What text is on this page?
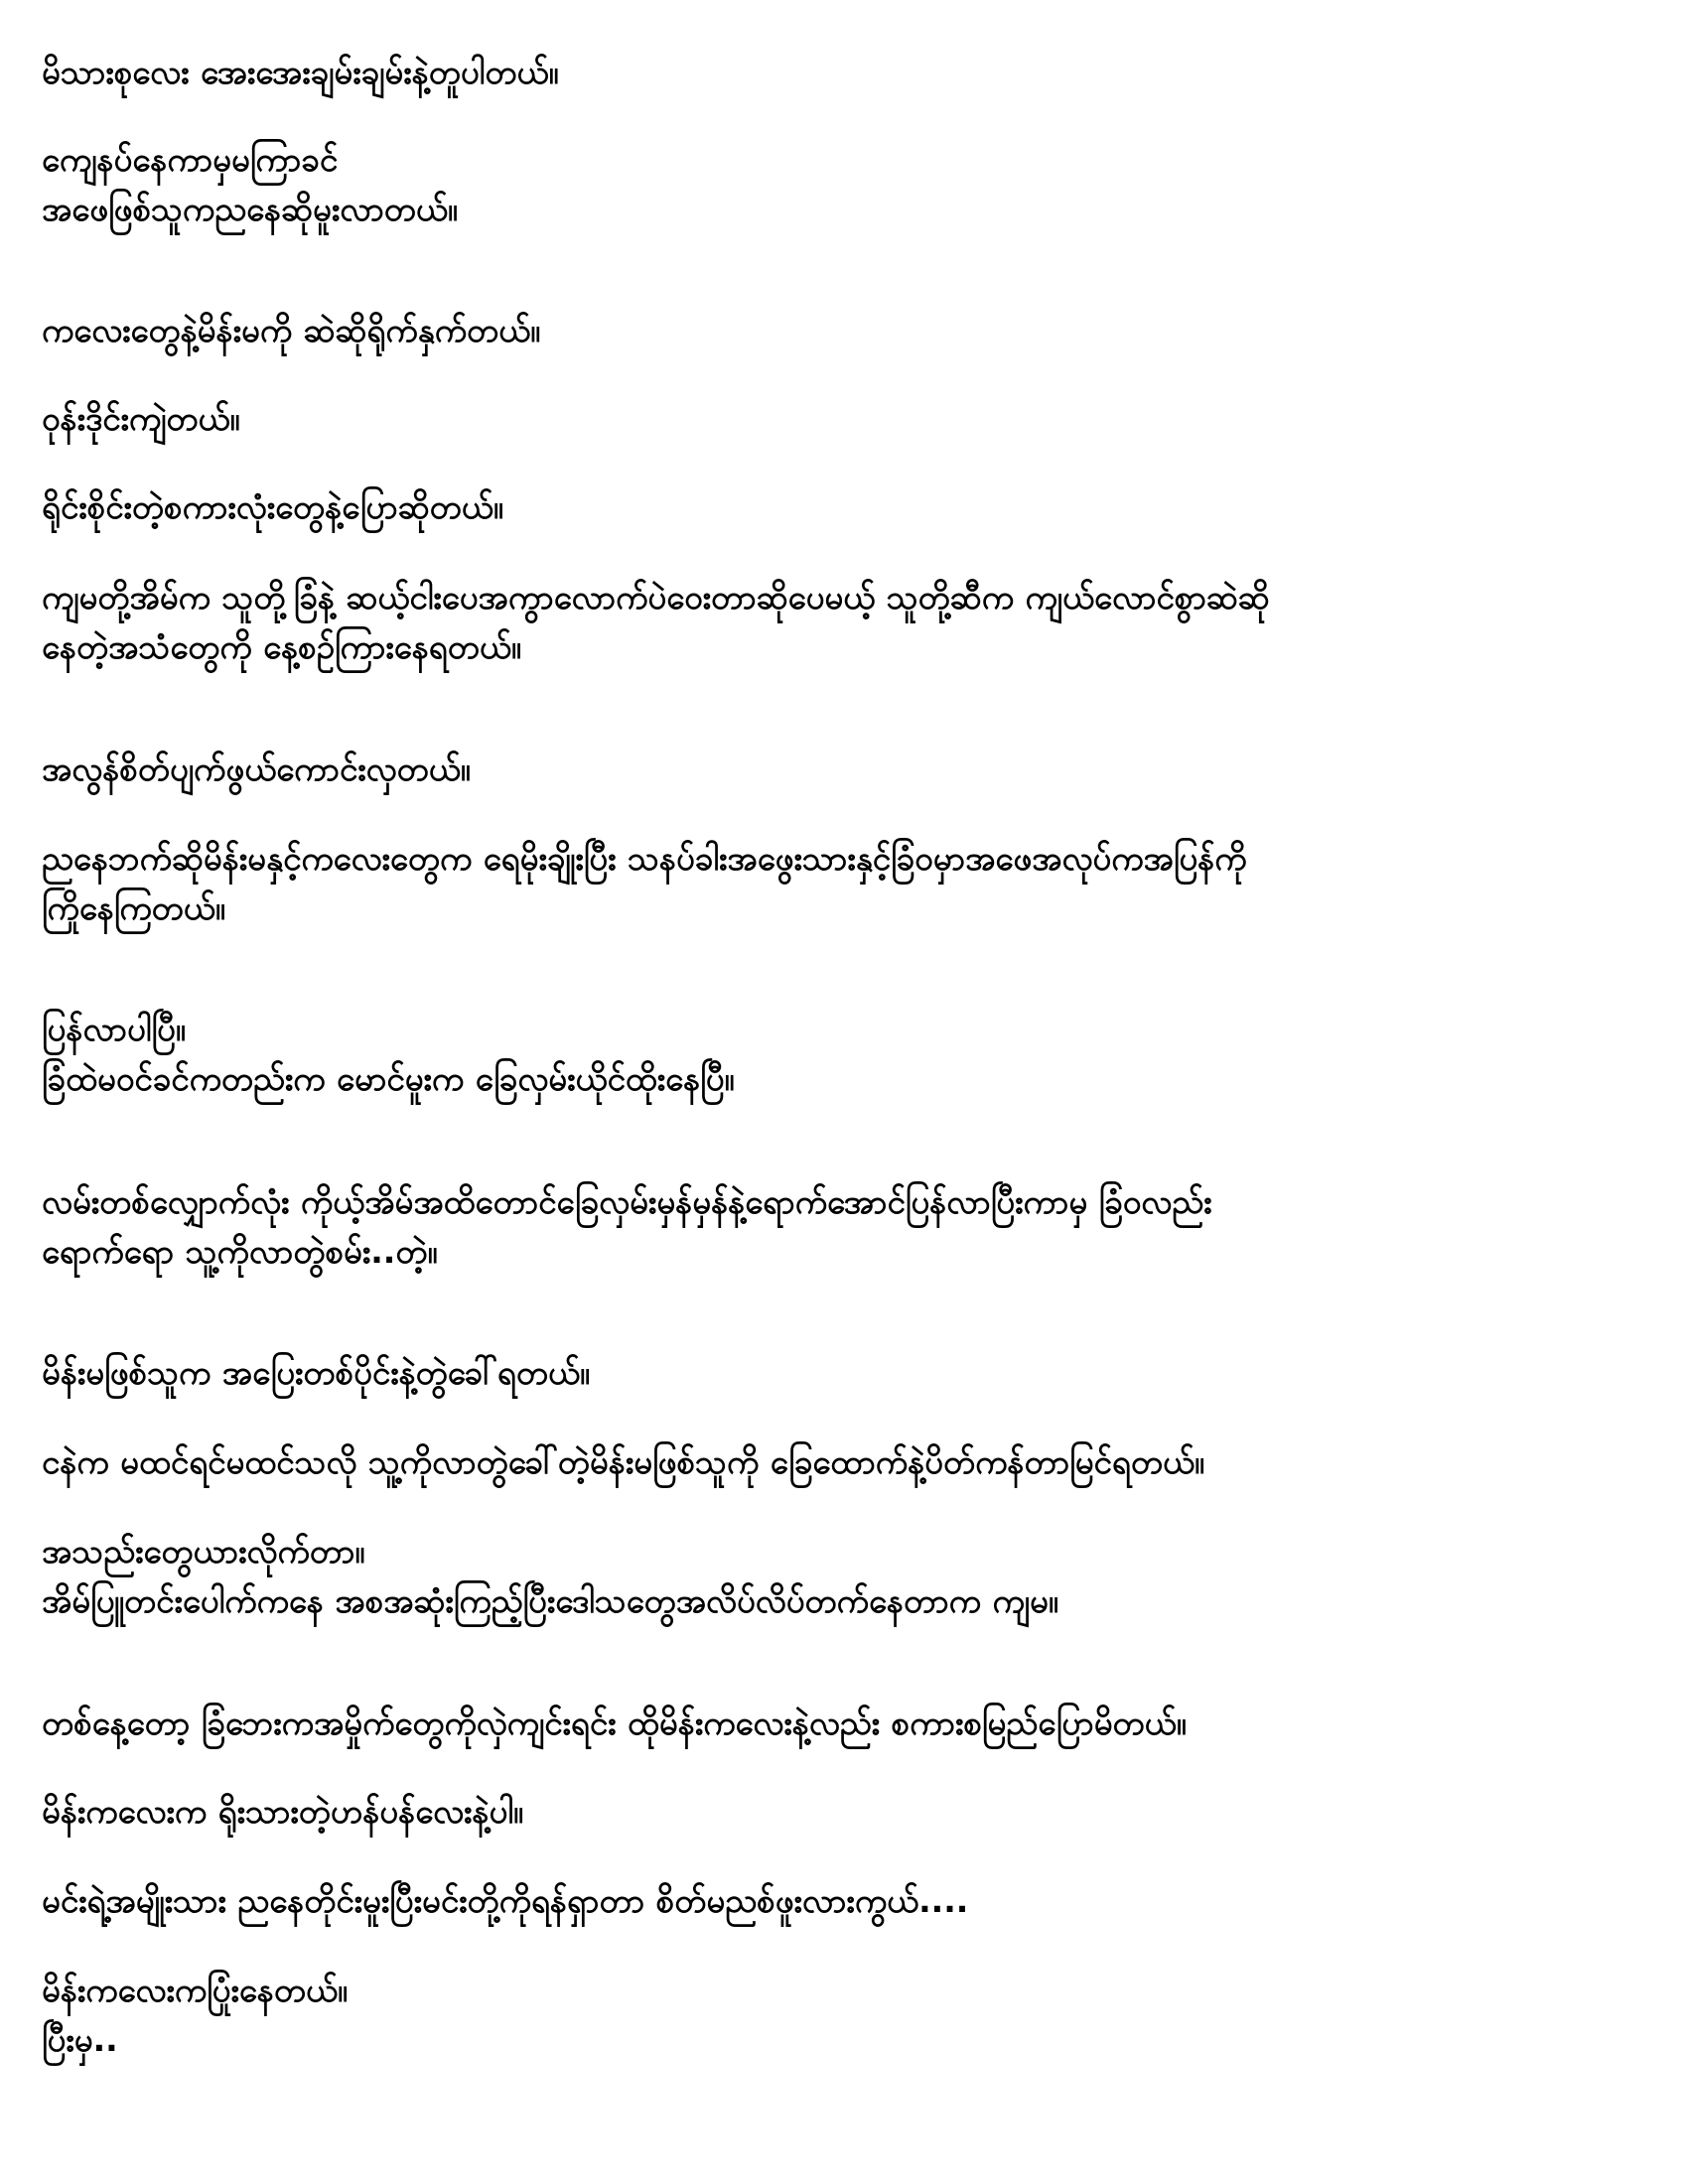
မိသားစုလေး အေးအေးချမ်းချမ်းနဲ့တူပါတယ်။
ကျေနပ်နေကာမှမကြာခင်
အဖေဖြစ်သူကညနေဆိုမူးလာတယ်။
ကလေးတွေနဲ့မိန်းမကို ဆဲဆိုရိုက်နှက်တယ်။
ဝုန်းဒိုင်းကျဲတယ်။
ရိုင်းစိုင်းတဲ့စကားလုံးတွေနဲ့ပြောဆိုတယ်။
ကျမတို့အိမ်က သူတို့ခြံနဲ့ ဆယ့်ငါးပေအကွာလောက်ပဲဝေးတာဆိုပေမယ့် သူတို့ဆီက ကျယ်လောင်စွာဆဲဆို
နေတဲ့အသံတွေကို နေ့စဉ်ကြားနေရတယ်။
အလွန်စိတ်ပျက်ဖွယ်ကောင်းလှတယ်။
ညနေဘက်ဆိုမိန်းမနှင့်ကလေးတွေက ရေမိုးချိုးပြီး သနပ်ခါးအဖွေးသားနှင့်ခြံဝမှာအဖေအလုပ်ကအပြန်ကို
ကြိုနေကြတယ်။
ပြန်လာပါပြီ။
ခြံထဲမဝင်ခင်ကတည်းက မောင်မူးက ခြေလှမ်းယိုင်ထိုးနေပြီ။
လမ်းတစ်လျှောက်လုံး ကိုယ့်အိမ်အထိတောင်ခြေလှမ်းမှန်မှန်နဲ့ရောက်အောင်ပြန်လာပြီးကာမှ ခြံဝလည်း
ရောက်ရော သူ့ကိုလာတွဲစမ်း..တဲ့။
မိန်းမဖြစ်သူက အပြေးတစ်ပိုင်းနဲ့တွဲခေါ်ရတယ်။
ငနဲက မထင်ရင်မထင်သလို သူ့ကိုလာတွဲခေါ်တဲ့မိန်းမဖြစ်သူကို ခြေထောက်နဲ့ပိတ်ကန်တာမြင်ရတယ်။
အသည်းတွေယားလိုက်တာ။
အိမ်ပြူတင်းပေါက်ကနေ အစအဆုံးကြည့်ပြီးဒေါသတွေအလိပ်လိပ်တက်နေတာက ကျမ။
တစ်နေ့တော့ ခြံဘေးကအမှိုက်တွေကိုလှဲကျင်းရင်း ထိုမိန်းကလေးနဲ့လည်း စကားစမြည်ပြောမိတယ်။
မိန်းကလေးက ရိုးသားတဲ့ဟန်ပန်လေးနဲ့ပါ။
မင်းရဲ့အမျိုးသား ညနေတိုင်းမူးပြီးမင်းတို့ကိုရန်ရှာတာ စိတ်မညစ်ဖူးလားကွယ်....
မိန်းကလေးကပြုံးနေတယ်။
ပြီးမှ..
